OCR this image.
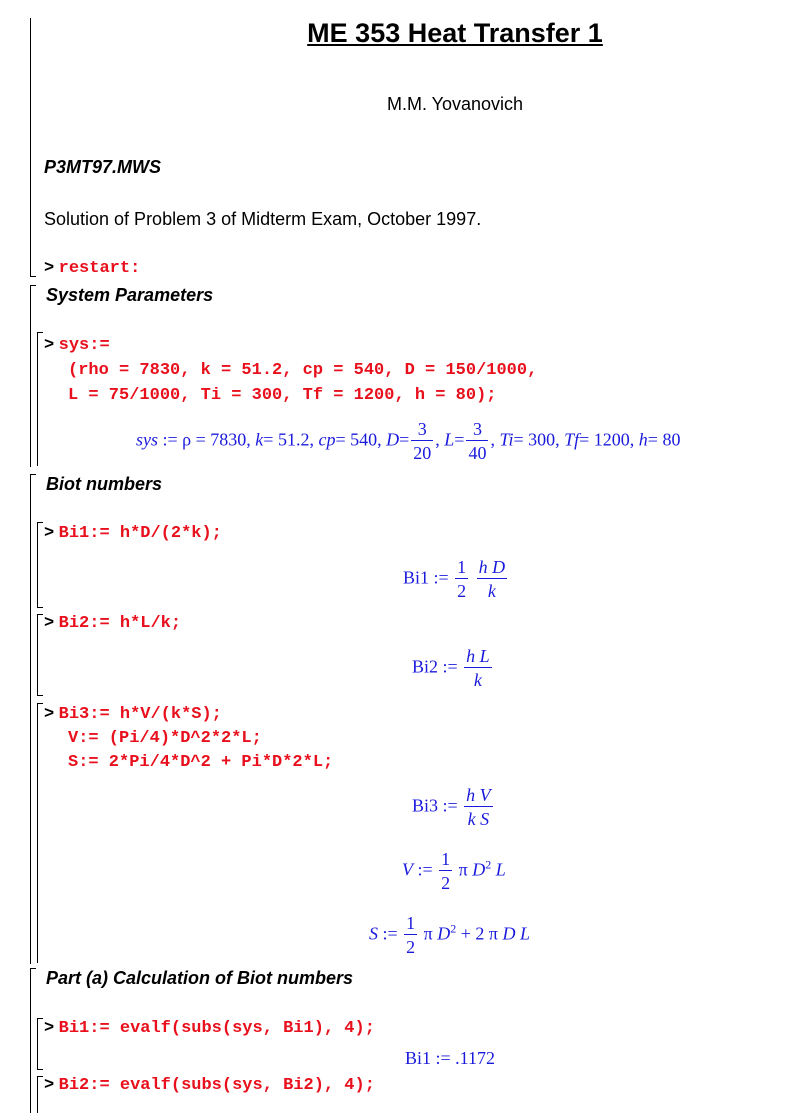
ME 353 Heat Transfer 1
M.M. Yovanovich
P3MT97.MWS
Solution of Problem 3 of Midterm Exam, October 1997.
> restart:
System Parameters
> sys:=
(rho = 7830, k = 51.2, cp = 540, D = 150/1000,
L = 75/1000, Ti = 300, Tf = 1200, h = 80);
sys := ρ = 7830, k= 51.2, cp= 540, $D= \frac{3}{20}$ , $L= \frac{3}{40}$ , Ti= 300, Tf= 1200, h= 80
Biot numbers
> Bi1:= h*D/(2*k);
Bi1 := $\frac{1}{2}$
$\frac{\text{h D}}{k}$
> Bi2:= h*L/k;
Bi2 := $\frac{\text{h L}}{k}$
> Bi3:= h*V/(k*S);
V:= (Pi/4)*D^2*2*L;
S:= 2*Pi/4*D^2 + Pi*D*2*L;
Bi3 := $\frac{\text{h V}}{\text{k S}}$
V := $\frac{1}{2}$ π $D^2$ L
S := $\frac{1}{2}$ π $D^2 + 2$ π D L
Part (a) Calculation of Biot numbers
> Bi1:= evalf(subs(sys, Bi1), 4);
Bi1 := .1172
> Bi2:= evalf(subs(sys, Bi2), 4);
